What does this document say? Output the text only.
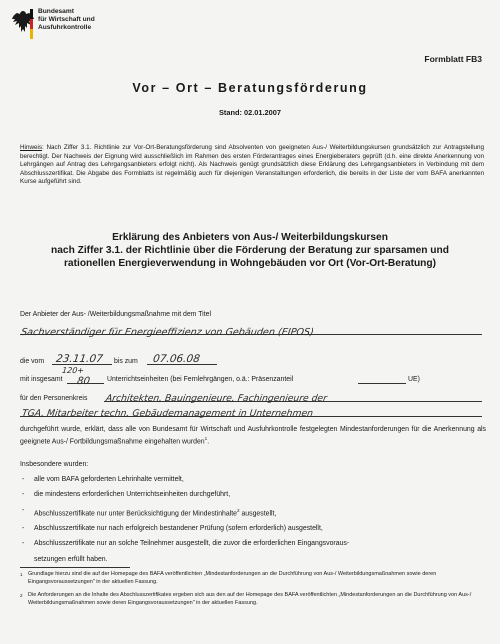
Bundesamt
für Wirtschaft und
Ausfuhrkontrolle
Formblatt FB3
Vor – Ort – Beratungsförderung
Stand: 02.01.2007
Hinweis: Nach Ziffer 3.1. Richtlinie zur Vor-Ort-Beratungsförderung sind Absolventen von geeigneten Aus-/ Weiterbildungskursen grundsätzlich zur Antragstellung berechtigt. Der Nachweis der Eignung wird ausschließlich im Rahmen des ersten Förderantrages eines Energieberaters geprüft (d.h. eine direkte Anerkennung von Lehrgängen auf Antrag des Lehrgangsanbieters erfolgt nicht). Als Nachweis genügt grundsätzlich diese Erklärung des Lehrgangsanbieters in Verbindung mit dem Abschlusszertifikat. Die Abgabe des Formblatts ist regelmäßig auch für diejenigen Veranstaltungen erforderlich, die bereits in der Liste der vom BAFA anerkannten Kurse aufgeführt sind.
Erklärung des Anbieters von Aus-/ Weiterbildungskursen
nach Ziffer 3.1. der Richtlinie über die Förderung der Beratung zur sparsamen und
rationellen Energieverwendung in Wohngebäuden vor Ort (Vor-Ort-Beratung)
Der Anbieter der Aus- /Weiterbildungsmaßnahme mit dem Titel
Sachverständiger für Energieeffizienz von Gebäuden (EIPOS)
die vom	23.11.07	bis zum	07.06.08
120+
mit insgesamt	80	Unterrichtseinheiten (bei Fernlehrgängen, o.ä.: Präsenzanteil	UE)
für den Personenkreis Architekten, Bauingenieure, Fachingenieure der
TGA, Mitarbeiter techn. Gebäudemanagement in Unternehmen
durchgeführt wurde, erklärt, dass alle von Bundesamt für Wirtschaft und Ausfuhrkontrolle festgelegten Mindestanforderungen für die Anerkennung als geeignete Aus-/ Fortbildungsmaßnahme eingehalten wurden$^1$.
Insbesondere wurden:
- alle vom BAFA geforderten Lehrinhalte vermittelt,
- die mindestens erforderlichen Unterrichtseinheiten durchgeführt,
- Abschlusszertifikate nur unter Berücksichtigung der Mindestinhalte$^2$ ausgestellt,
- Abschlusszertifikate nur nach erfolgreich bestandener Prüfung (sofern erforderlich) ausgestellt,
- Abschlusszertifikate nur an solche Teilnehmer ausgestellt, die zuvor die erforderlichen Eingangsvoraus-
setzungen erfüllt haben.
1 Grundlage hierzu sind die auf der Homepage des BAFA veröffentlichten „Mindestanforderungen an die Durchführung von Aus-/ Weiterbildungsmaßnahmen sowie deren Eingangsvoraussetzungen" in der aktuellen Fassung.
2 Die Anforderungen an die Inhalte des Abschlusszertifikates ergeben sich aus den auf der Homepage des BAFA veröffentlichten „Mindestanforderungen an die Durchführung von Aus-/ Weiterbildungsmaßnahmen sowie deren Eingangsvoraussetzungen" in der aktuellen Fassung.
